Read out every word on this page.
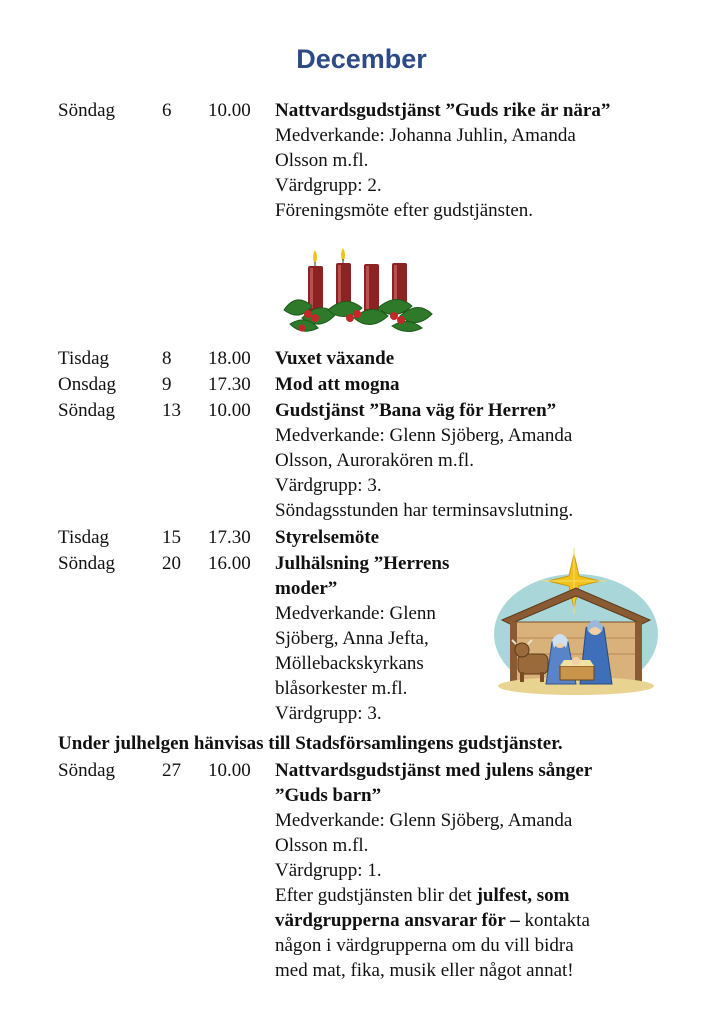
December
Söndag 6 10.00 Nattvardsgudstjänst ”Guds rike är nära”
Medverkande: Johanna Juhlin, Amanda
Olsson m.fl.
Värdgrupp: 2.
Föreningsmöte efter gudstjänsten.
Tisdag	8 18.00 Vuxet växande
Onsdag 9 17.30 Mod att mogna
Söndag 13 10.00 Gudstjänst ”Bana väg för Herren”
Medverkande: Glenn Sjöberg, Amanda
Olsson, Aurorakören m.fl.
Värdgrupp: 3.
Söndagsstunden har terminsavslutning.
Tisdag	15 17.30 Styrelsemöte
Söndag 20 16.00 Julhälsning ”Herrens
moder”
Medverkande: Glenn
Sjöberg, Anna Jefta,
Möllebackskyrkans
blåsorkester m.fl.
Värdgrupp: 3.
Under julhelgen hänvisas till Stadsförsamlingens gudstjänster.
Söndag 27 10.00 Nattvardsgudstjänst med julens sånger
”Guds barn”
Medverkande: Glenn Sjöberg, Amanda
Olsson m.fl.
Värdgrupp: 1.
Efter gudstjänsten blir det julfest, som
värdgrupperna ansvarar för – kontakta
någon i värdgrupperna om du vill bidra
med mat, fika, musik eller något annat!
